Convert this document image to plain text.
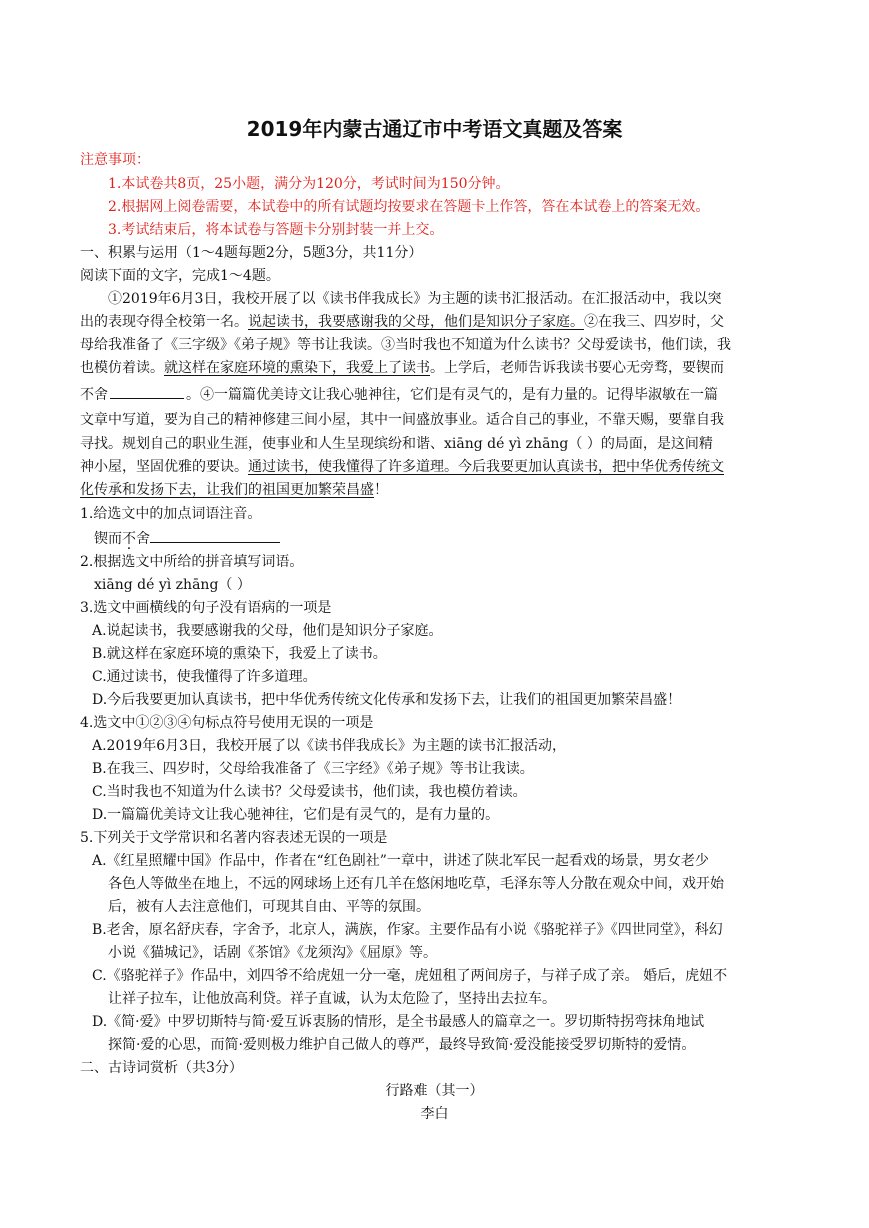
2019年内蒙古通辽市中考语文真题及答案
注意事项：
1.本试卷共8页，25小题，满分为120分，考试时间为150分钟。
2.根据网上阅卷需要，本试卷中的所有试题均按要求在答题卡上作答，答在本试卷上的答案无效。
3.考试结束后，将本试卷与答题卡分别封装一并上交。
一、积累与运用（1～4题每题2分，5题3分，共11分）
阅读下面的文字，完成1～4题。
①2019年6月3日，我校开展了以《读书伴我成长》为主题的读书汇报活动。在汇报活动中，我以突
出的表现夺得全校第一名。说起读书，我要感谢我的父母，他们是知识分子家庭。②在我三、四岁时，父
母给我准备了《三字级》《弟子规》等书让我读。③当时我也不知道为什么读书？父母爱读书，他们读，我
也模仿着读。就这样在家庭环境的熏染下，我爱上了读书。上学后，老师告诉我读书要心无旁骛，要锲而
不舍	。④一篇篇优美诗文让我心驰神往，它们是有灵气的，是有力量的。记得毕淑敏在一篇
文章中写道，要为自己的精神修建三间小屋，其中一间盛放事业。适合自己的事业，不靠天赐，要靠自我
寻找。规划自己的职业生涯，使事业和人生呈现缤纷和谐、xiāng dé yì zhāng（ ）的局面，是这间精
神小屋，坚固优雅的要诀。通过读书，使我懂得了许多道理。今后我要更加认真读书，把中华优秀传统文
化传承和发扬下去，让我们的祖国更加繁荣昌盛！
1.给选文中的加点词语注音。
锲而不舍
2.根据选文中所给的拼音填写词语。
xiāng dé yì zhāng（ ）
3.选文中画横线的句子没有语病的一项是
A.说起读书，我要感谢我的父母，他们是知识分子家庭。
B.就这样在家庭环境的熏染下，我爱上了读书。
C.通过读书，使我懂得了许多道理。
D.今后我要更加认真读书，把中华优秀传统文化传承和发扬下去，让我们的祖国更加繁荣昌盛！
4.选文中①②③④句标点符号使用无误的一项是
A.2019年6月3日，我校开展了以《读书伴我成长》为主题的读书汇报活动，
B.在我三、四岁时，父母给我准备了《三字经》《弟子规》等书让我读。
C.当时我也不知道为什么读书？父母爱读书，他们读，我也模仿着读。
D.一篇篇优美诗文让我心驰神往，它们是有灵气的，是有力量的。
5.下列关于文学常识和名著内容表述无误的一项是
A.《红星照耀中国》作品中，作者在“红色剧社”一章中，讲述了陕北军民一起看戏的场景，男女老少
各色人等做坐在地上，不远的网球场上还有几羊在悠闲地吃草，毛泽东等人分散在观众中间，戏开始
后，被有人去注意他们，可现其自由、平等的氛围。
B.老舍，原名舒庆春，字舍予，北京人，满族，作家。主要作品有小说《骆驼祥子》《四世同堂》，科幻
小说《猫城记》，话剧《茶馆》《龙须沟》《屈原》等。
C.《骆驼祥子》作品中，刘四爷不给虎妞一分一毫，虎妞租了两间房子，与祥子成了亲。 婚后，虎妞不
让祥子拉车，让他放高利贷。祥子直诚，认为太危险了，坚持出去拉车。
D.《简·爱》中罗切斯特与简·爱互诉衷肠的情形，是全书最感人的篇章之一。罗切斯特拐弯抹角地试
探简·爱的心思，而简·爱则极力维护自己做人的尊严，最终导致简·爱没能接受罗切斯特的爱情。
二、古诗词赏析（共3分）
行路难（其一）
李白
